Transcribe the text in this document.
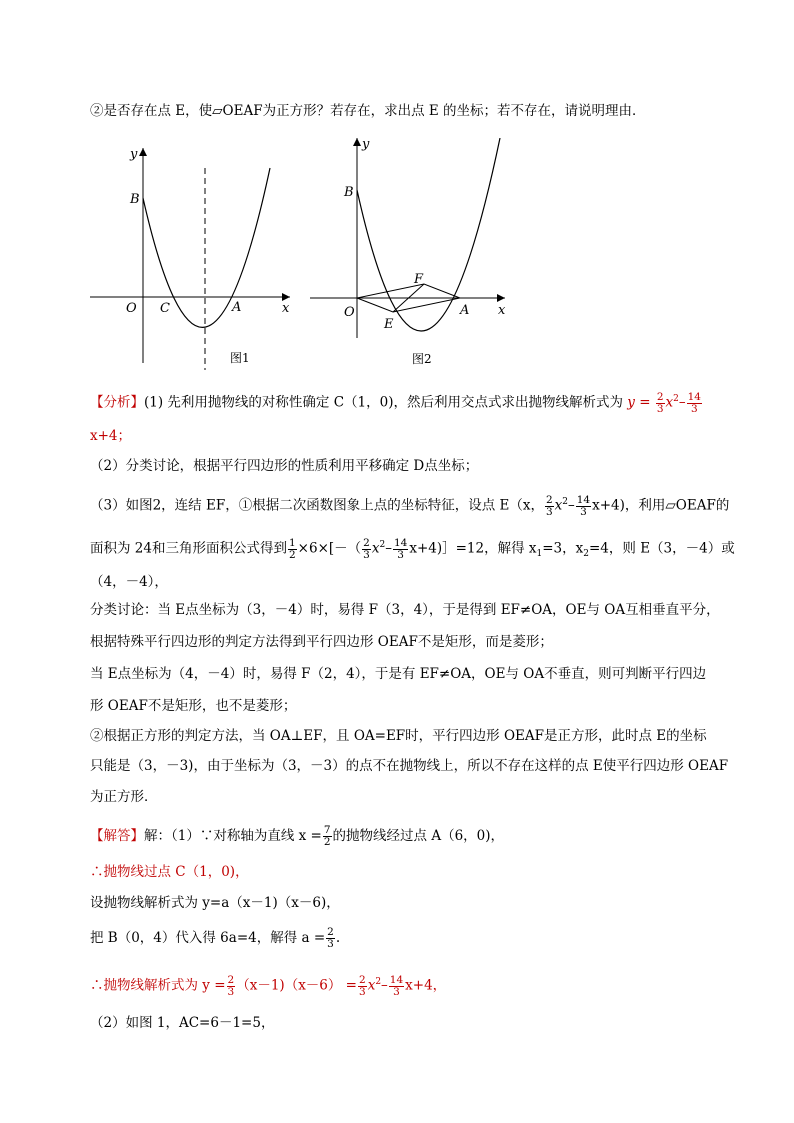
②是否存在点 E，使▱OEAF为正方形？若存在，求出点 E 的坐标；若不存在，请说明理由．
y
B
O C	A	x
图1
y
B
F
O	A x
E
图2
【分析】(1) 先利用抛物线的对称性确定 C（1，0)，然后利用交点式求出抛物线解析式为 $y = \frac{2}{3} x^2- \frac{14}{3}$
x+4；
（2）分类讨论，根据平行四边形的性质利用平移确定 D点坐标；
（3）如图2，连结 EF，①根据二次函数图象上点的坐标特征，设点 E（x， $\frac{2}{3} x^2- \frac{14}{3} x+4$)，利用▱OEAF的
面积为 24和三角形面积公式得到 $\frac{1}{2} \times 6\times[-( \frac{2}{3} x^2- \frac{14}{3}$ x+4)］=12，解得 $x_1=3$，$x_2=4$，则 E（3，－4）或
（4，－4），
分类讨论：当 E点坐标为（3，－4）时，易得 F（3，4），于是得到 EF≠OA，OE与 OA互相垂直平分，
根据特殊平行四边形的判定方法得到平行四边形 OEAF不是矩形，而是菱形；
当 E点坐标为（4，－4）时，易得 F（2，4），于是有 EF≠OA，OE与 OA不垂直，则可判断平行四边
形 OEAF不是矩形，也不是菱形；
②根据正方形的判定方法，当 OA⊥EF，且 OA=EF时，平行四边形 OEAF是正方形，此时点 E的坐标
只能是（3，－3)，由于坐标为（3，－3）的点不在抛物线上，所以不存在这样的点 E使平行四边形 OEAF
为正方形．
【解答】解：（1）∵对称轴为直线 $x = \frac{7}{2}$ 的抛物线经过点 A（6，0)，
∴抛物线过点 C（1，0)，
设抛物线解析式为 y=a（x－1)（x－6)，
把 B（0，4）代入得 6a=4，解得 $a = \frac{2}{3}$ .
∴抛物线解析式为 $y = \frac{2}{3} (x-1)(x-6) = \frac{2}{3} x^2- \frac{14}{3} x+4$，
（2）如图 1，AC=6－1=5，
